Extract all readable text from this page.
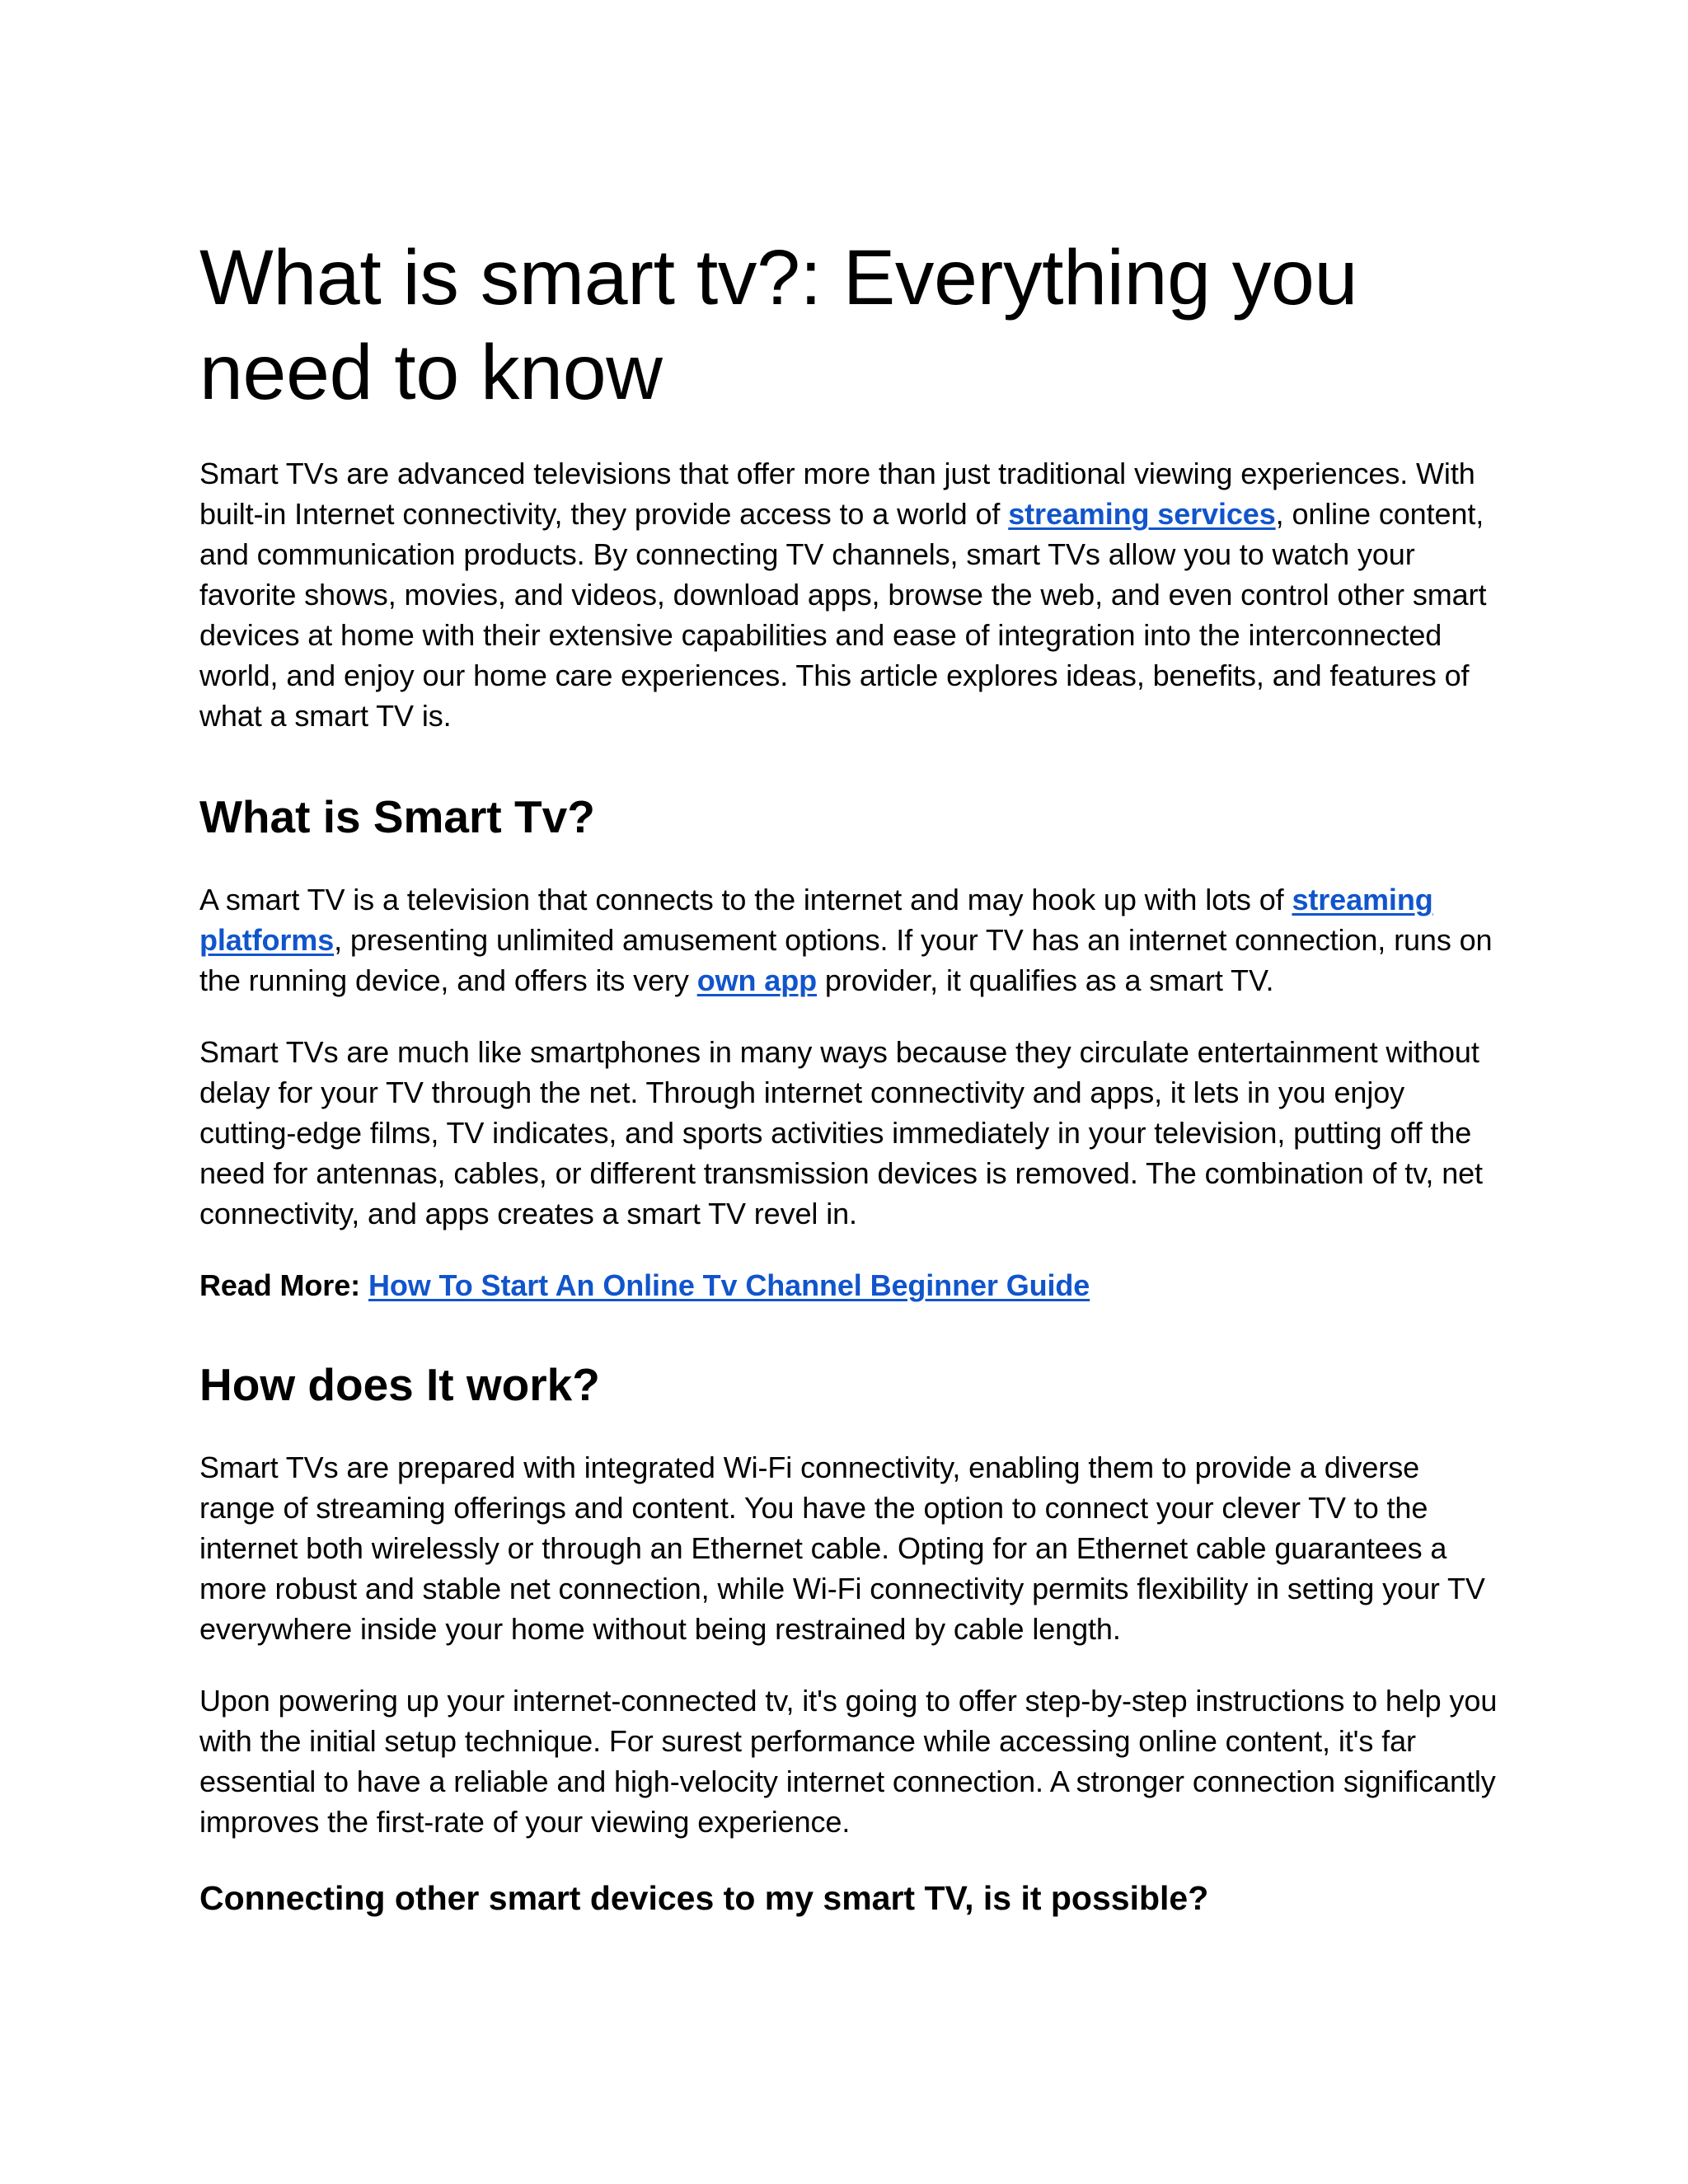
What is smart tv?: Everything you need to know

Smart TVs are advanced televisions that offer more than just traditional viewing experiences. With built-in Internet connectivity, they provide access to a world of streaming services, online content, and communication products. By connecting TV channels, smart TVs allow you to watch your favorite shows, movies, and videos, download apps, browse the web, and even control other smart devices at home with their extensive capabilities and ease of integration into the interconnected world, and enjoy our home care experiences. This article explores ideas, benefits, and features of what a smart TV is.

What is Smart Tv?

A smart TV is a television that connects to the internet and may hook up with lots of streaming platforms, presenting unlimited amusement options. If your TV has an internet connection, runs on the running device, and offers its very own app provider, it qualifies as a smart TV.

Smart TVs are much like smartphones in many ways because they circulate entertainment without delay for your TV through the net. Through internet connectivity and apps, it lets in you enjoy cutting-edge films, TV indicates, and sports activities immediately in your television, putting off the need for antennas, cables, or different transmission devices is removed. The combination of tv, net connectivity, and apps creates a smart TV revel in.

Read More: How To Start An Online Tv Channel Beginner Guide

How does It work?

Smart TVs are prepared with integrated Wi-Fi connectivity, enabling them to provide a diverse range of streaming offerings and content. You have the option to connect your clever TV to the internet both wirelessly or through an Ethernet cable. Opting for an Ethernet cable guarantees a more robust and stable net connection, while Wi-Fi connectivity permits flexibility in setting your TV everywhere inside your home without being restrained by cable length.

Upon powering up your internet-connected tv, it's going to offer step-by-step instructions to help you with the initial setup technique. For surest performance while accessing online content, it's far essential to have a reliable and high-velocity internet connection. A stronger connection significantly improves the first-rate of your viewing experience.

Connecting other smart devices to my smart TV, is it possible?
